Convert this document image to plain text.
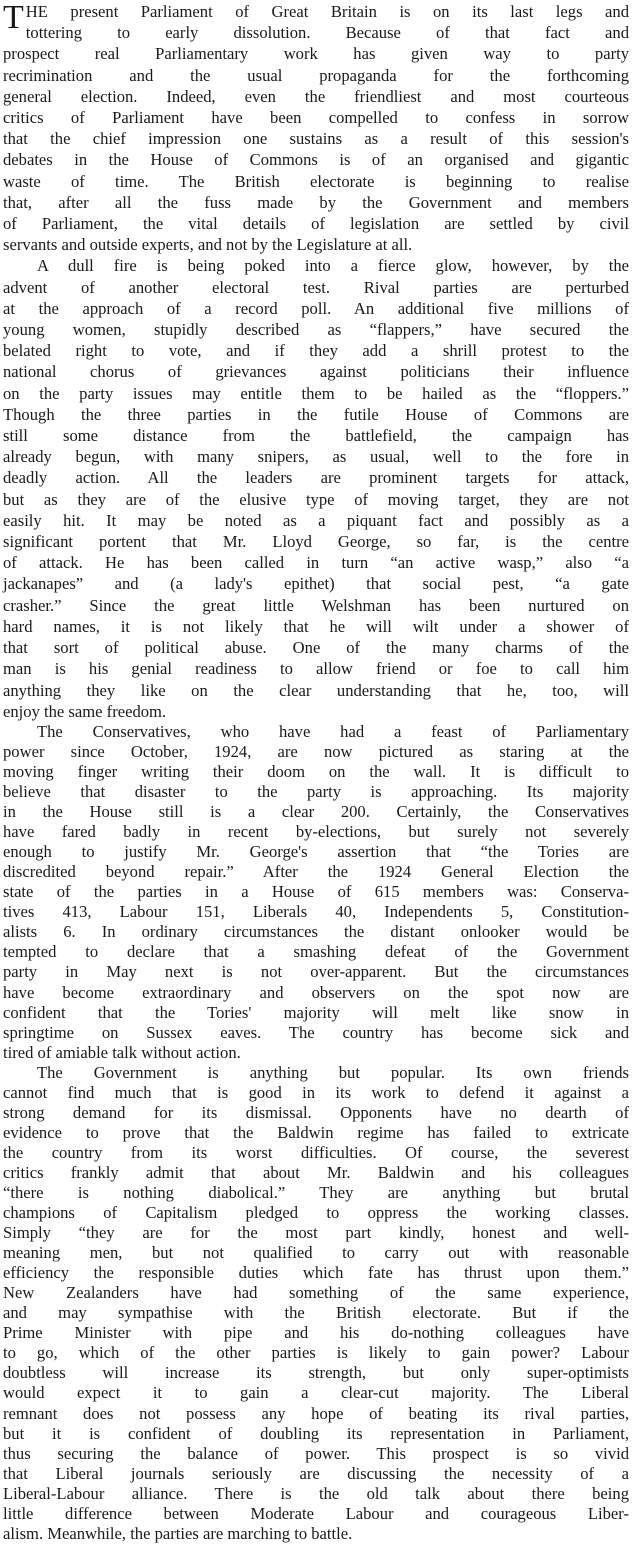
T HE present Parliament of Great Britain is on its last legs and
tottering to early dissolution. Because of that fact and
prospect real Parliamentary work has given way to party
recrimination and the usual propaganda for the forthcoming
general election. Indeed, even the friendliest and most courteous
critics of Parliament have been compelled to confess in sorrow
that the chief impression one sustains as a result of this session's
debates in the House of Commons is of an organised and gigantic
waste of time. The British electorate is beginning to realise
that, after all the fuss made by the Government and members
of Parliament, the vital details of legislation are settled by civil
servants and outside experts, and not by the Legislature at all.
A dull fire is being poked into a fierce glow, however, by the
advent of another electoral test. Rival parties are perturbed
at the approach of a record poll. An additional five millions of
young women, stupidly described as “flappers,” have secured the
belated right to vote, and if they add a shrill protest to the
national chorus of grievances against politicians their influence
on the party issues may entitle them to be hailed as the “floppers.”
Though the three parties in the futile House of Commons are
still some distance from the battlefield, the campaign has
already begun, with many snipers, as usual, well to the fore in
deadly action. All the leaders are prominent targets for attack,
but as they are of the elusive type of moving target, they are not
easily hit. It may be noted as a piquant fact and possibly as a
significant portent that Mr. Lloyd George, so far, is the centre
of attack. He has been called in turn “an active wasp,” also “a
jackanapes” and (a lady's epithet) that social pest, “a gate
crasher.” Since the great little Welshman has been nurtured on
hard names, it is not likely that he will wilt under a shower of
that sort of political abuse. One of the many charms of the
man is his genial readiness to allow friend or foe to call him
anything they like on the clear understanding that he, too, will
enjoy the same freedom.
The Conservatives, who have had a feast of Parliamentary
power since October, 1924, are now pictured as staring at the
moving finger writing their doom on the wall. It is difficult to
believe that disaster to the party is approaching. Its majority
in the House still is a clear 200. Certainly, the Conservatives
have fared badly in recent by-elections, but surely not severely
enough to justify Mr. George's assertion that “the Tories are
discredited beyond repair.” After the 1924 General Election the
state of the parties in a House of 615 members was: Conserva-
tives 413, Labour 151, Liberals 40, Independents 5, Constitution-
alists 6. In ordinary circumstances the distant onlooker would be
tempted to declare that a smashing defeat of the Government
party in May next is not over-apparent. But the circumstances
have become extraordinary and observers on the spot now are
confident that the Tories' majority will melt like snow in
springtime on Sussex eaves. The country has become sick and
tired of amiable talk without action.
The Government is anything but popular. Its own friends
cannot find much that is good in its work to defend it against a
strong demand for its dismissal. Opponents have no dearth of
evidence to prove that the Baldwin regime has failed to extricate
the country from its worst difficulties. Of course, the severest
critics frankly admit that about Mr. Baldwin and his colleagues
“there is nothing diabolical.” They are anything but brutal
champions of Capitalism pledged to oppress the working classes.
Simply “they are for the most part kindly, honest and well-
meaning men, but not qualified to carry out with reasonable
efficiency the responsible duties which fate has thrust upon them.”
New Zealanders have had something of the same experience,
and may sympathise with the British electorate. But if the
Prime Minister with pipe and his do-nothing colleagues have
to go, which of the other parties is likely to gain power? Labour
doubtless will increase its strength, but only super-optimists
would expect it to gain a clear-cut majority. The Liberal
remnant does not possess any hope of beating its rival parties,
but it is confident of doubling its representation in Parliament,
thus securing the balance of power. This prospect is so vivid
that Liberal journals seriously are discussing the necessity of a
Liberal-Labour alliance. There is the old talk about there being
little difference between Moderate Labour and courageous Liber-
alism. Meanwhile, the parties are marching to battle.
